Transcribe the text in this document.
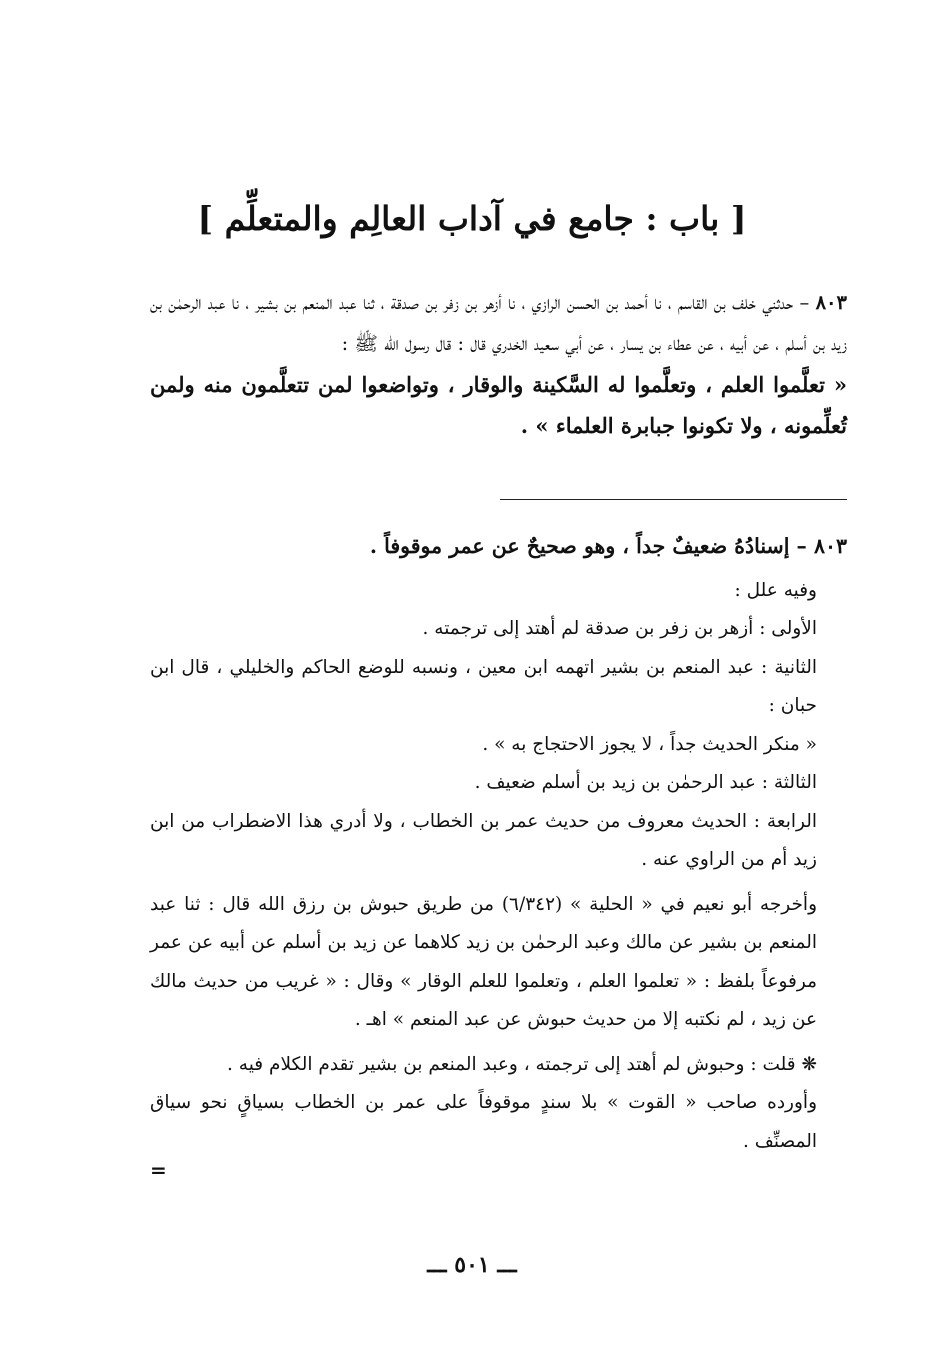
[ باب : جامع في آداب العالِم والمتعلِّم ]

٨٠٣ – حدثني خلف بن القاسم ، نا أحمد بن الحسن الرازي ، نا أزهر بن زفر بن صدقة ، ثنا عبد المنعم بن بشير ، نا عبد الرحمٰن بن زيد بن أسلم ، عن أبيه ، عن عطاء بن يسار ، عن أبي سعيد الخدري قال : قال رسول الله ﷺ :

« تعلَّموا العلم ، وتعلَّموا له السَّكينة والوقار ، وتواضعوا لمن تتعلَّمون منه ولمن تُعلِّمونه ، ولا تكونوا جبابرة العلماء » .

٨٠٣ – إسنادُهُ ضعيفٌ جداً ، وهو صحيحٌ عن عمر موقوفاً .

وفيه علل :

الأولى : أزهر بن زفر بن صدقة لم أهتد إلى ترجمته .

الثانية : عبد المنعم بن بشير اتهمه ابن معين ، ونسبه للوضع الحاكم والخليلي ، قال ابن حبان :

« منكر الحديث جداً ، لا يجوز الاحتجاج به » .

الثالثة : عبد الرحمٰن بن زيد بن أسلم ضعيف .

الرابعة : الحديث معروف من حديث عمر بن الخطاب ، ولا أدري هذا الاضطراب من ابن زيد أم من الراوي عنه .

وأخرجه أبو نعيم في « الحلية » (٦/٣٤٢) من طريق حبوش بن رزق الله قال : ثنا عبد المنعم بن بشير عن مالك وعبد الرحمٰن بن زيد كلاهما عن زيد بن أسلم عن أبيه عن عمر مرفوعاً بلفظ : « تعلموا العلم ، وتعلموا للعلم الوقار » وقال : « غريب من حديث مالك عن زيد ، لم نكتبه إلا من حديث حبوش عن عبد المنعم » اهـ .

❋ قلت : وحبوش لم أهتد إلى ترجمته ، وعبد المنعم بن بشير تقدم الكلام فيه .

وأورده صاحب « القوت » بلا سندٍ موقوفاً على عمر بن الخطاب بسياقٍ نحو سياق المصنِّف .

=
ـــ ٥٠١ ـــ
